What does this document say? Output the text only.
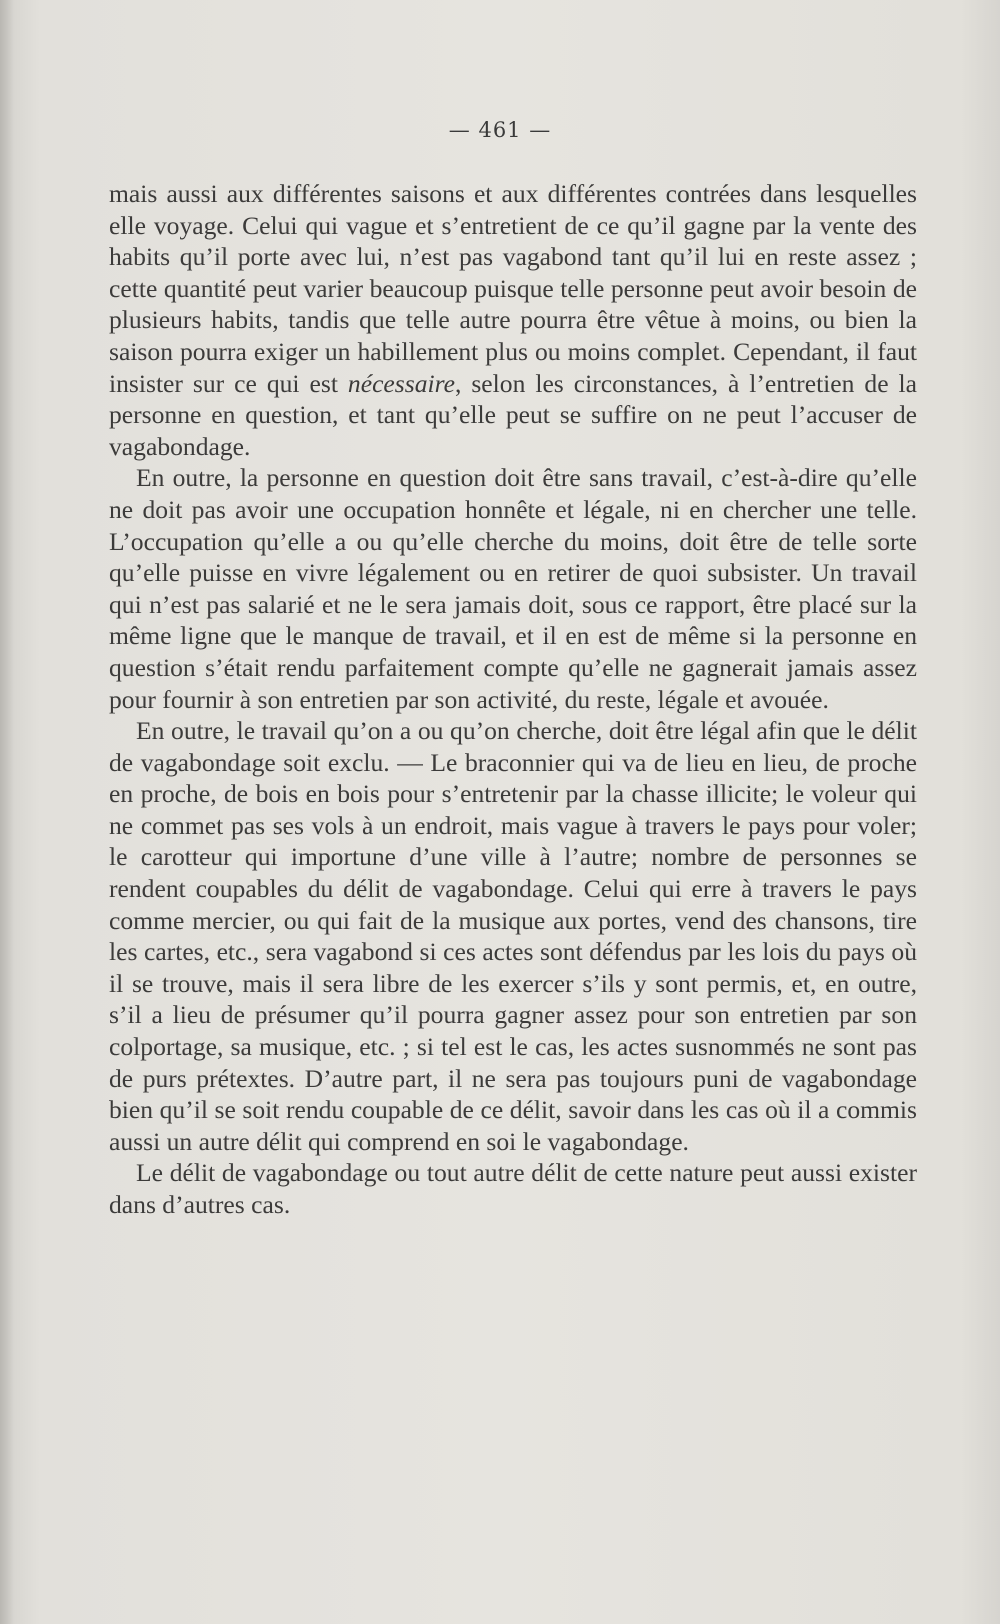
— 461 —

mais aussi aux différentes saisons et aux différentes contrées dans lesquelles elle voyage. Celui qui vague et s’entretient de ce qu’il gagne par la vente des habits qu’il porte avec lui, n’est pas vagabond tant qu’il lui en reste assez ; cette quantité peut varier beaucoup puisque telle personne peut avoir besoin de plusieurs habits, tandis que telle autre pourra être vêtue à moins, ou bien la saison pourra exiger un habillement plus ou moins complet. Cependant, il faut insister sur ce qui est nécessaire, selon les circonstances, à l’entretien de la personne en question, et tant qu’elle peut se suffire on ne peut l’accuser de vagabondage.

En outre, la personne en question doit être sans travail, c’est-à-dire qu’elle ne doit pas avoir une occupation honnête et légale, ni en chercher une telle. L’occupation qu’elle a ou qu’elle cherche du moins, doit être de telle sorte qu’elle puisse en vivre légalement ou en retirer de quoi subsister. Un travail qui n’est pas salarié et ne le sera jamais doit, sous ce rapport, être placé sur la même ligne que le manque de travail, et il en est de même si la personne en question s’était rendu parfaitement compte qu’elle ne gagnerait jamais assez pour fournir à son entretien par son activité, du reste, légale et avouée.

En outre, le travail qu’on a ou qu’on cherche, doit être légal afin que le délit de vagabondage soit exclu. — Le braconnier qui va de lieu en lieu, de proche en proche, de bois en bois pour s’entretenir par la chasse illicite; le voleur qui ne commet pas ses vols à un endroit, mais vague à travers le pays pour voler; le carotteur qui importune d’une ville à l’autre; nombre de personnes se rendent coupables du délit de vagabondage. Celui qui erre à travers le pays comme mercier, ou qui fait de la musique aux portes, vend des chansons, tire les cartes, etc., sera vagabond si ces actes sont défendus par les lois du pays où il se trouve, mais il sera libre de les exercer s’ils y sont permis, et, en outre, s’il a lieu de présumer qu’il pourra gagner assez pour son entretien par son colportage, sa musique, etc. ; si tel est le cas, les actes susnommés ne sont pas de purs prétextes. D’autre part, il ne sera pas toujours puni de vagabondage bien qu’il se soit rendu coupable de ce délit, savoir dans les cas où il a commis aussi un autre délit qui comprend en soi le vagabondage.

Le délit de vagabondage ou tout autre délit de cette nature peut aussi exister dans d’autres cas.
